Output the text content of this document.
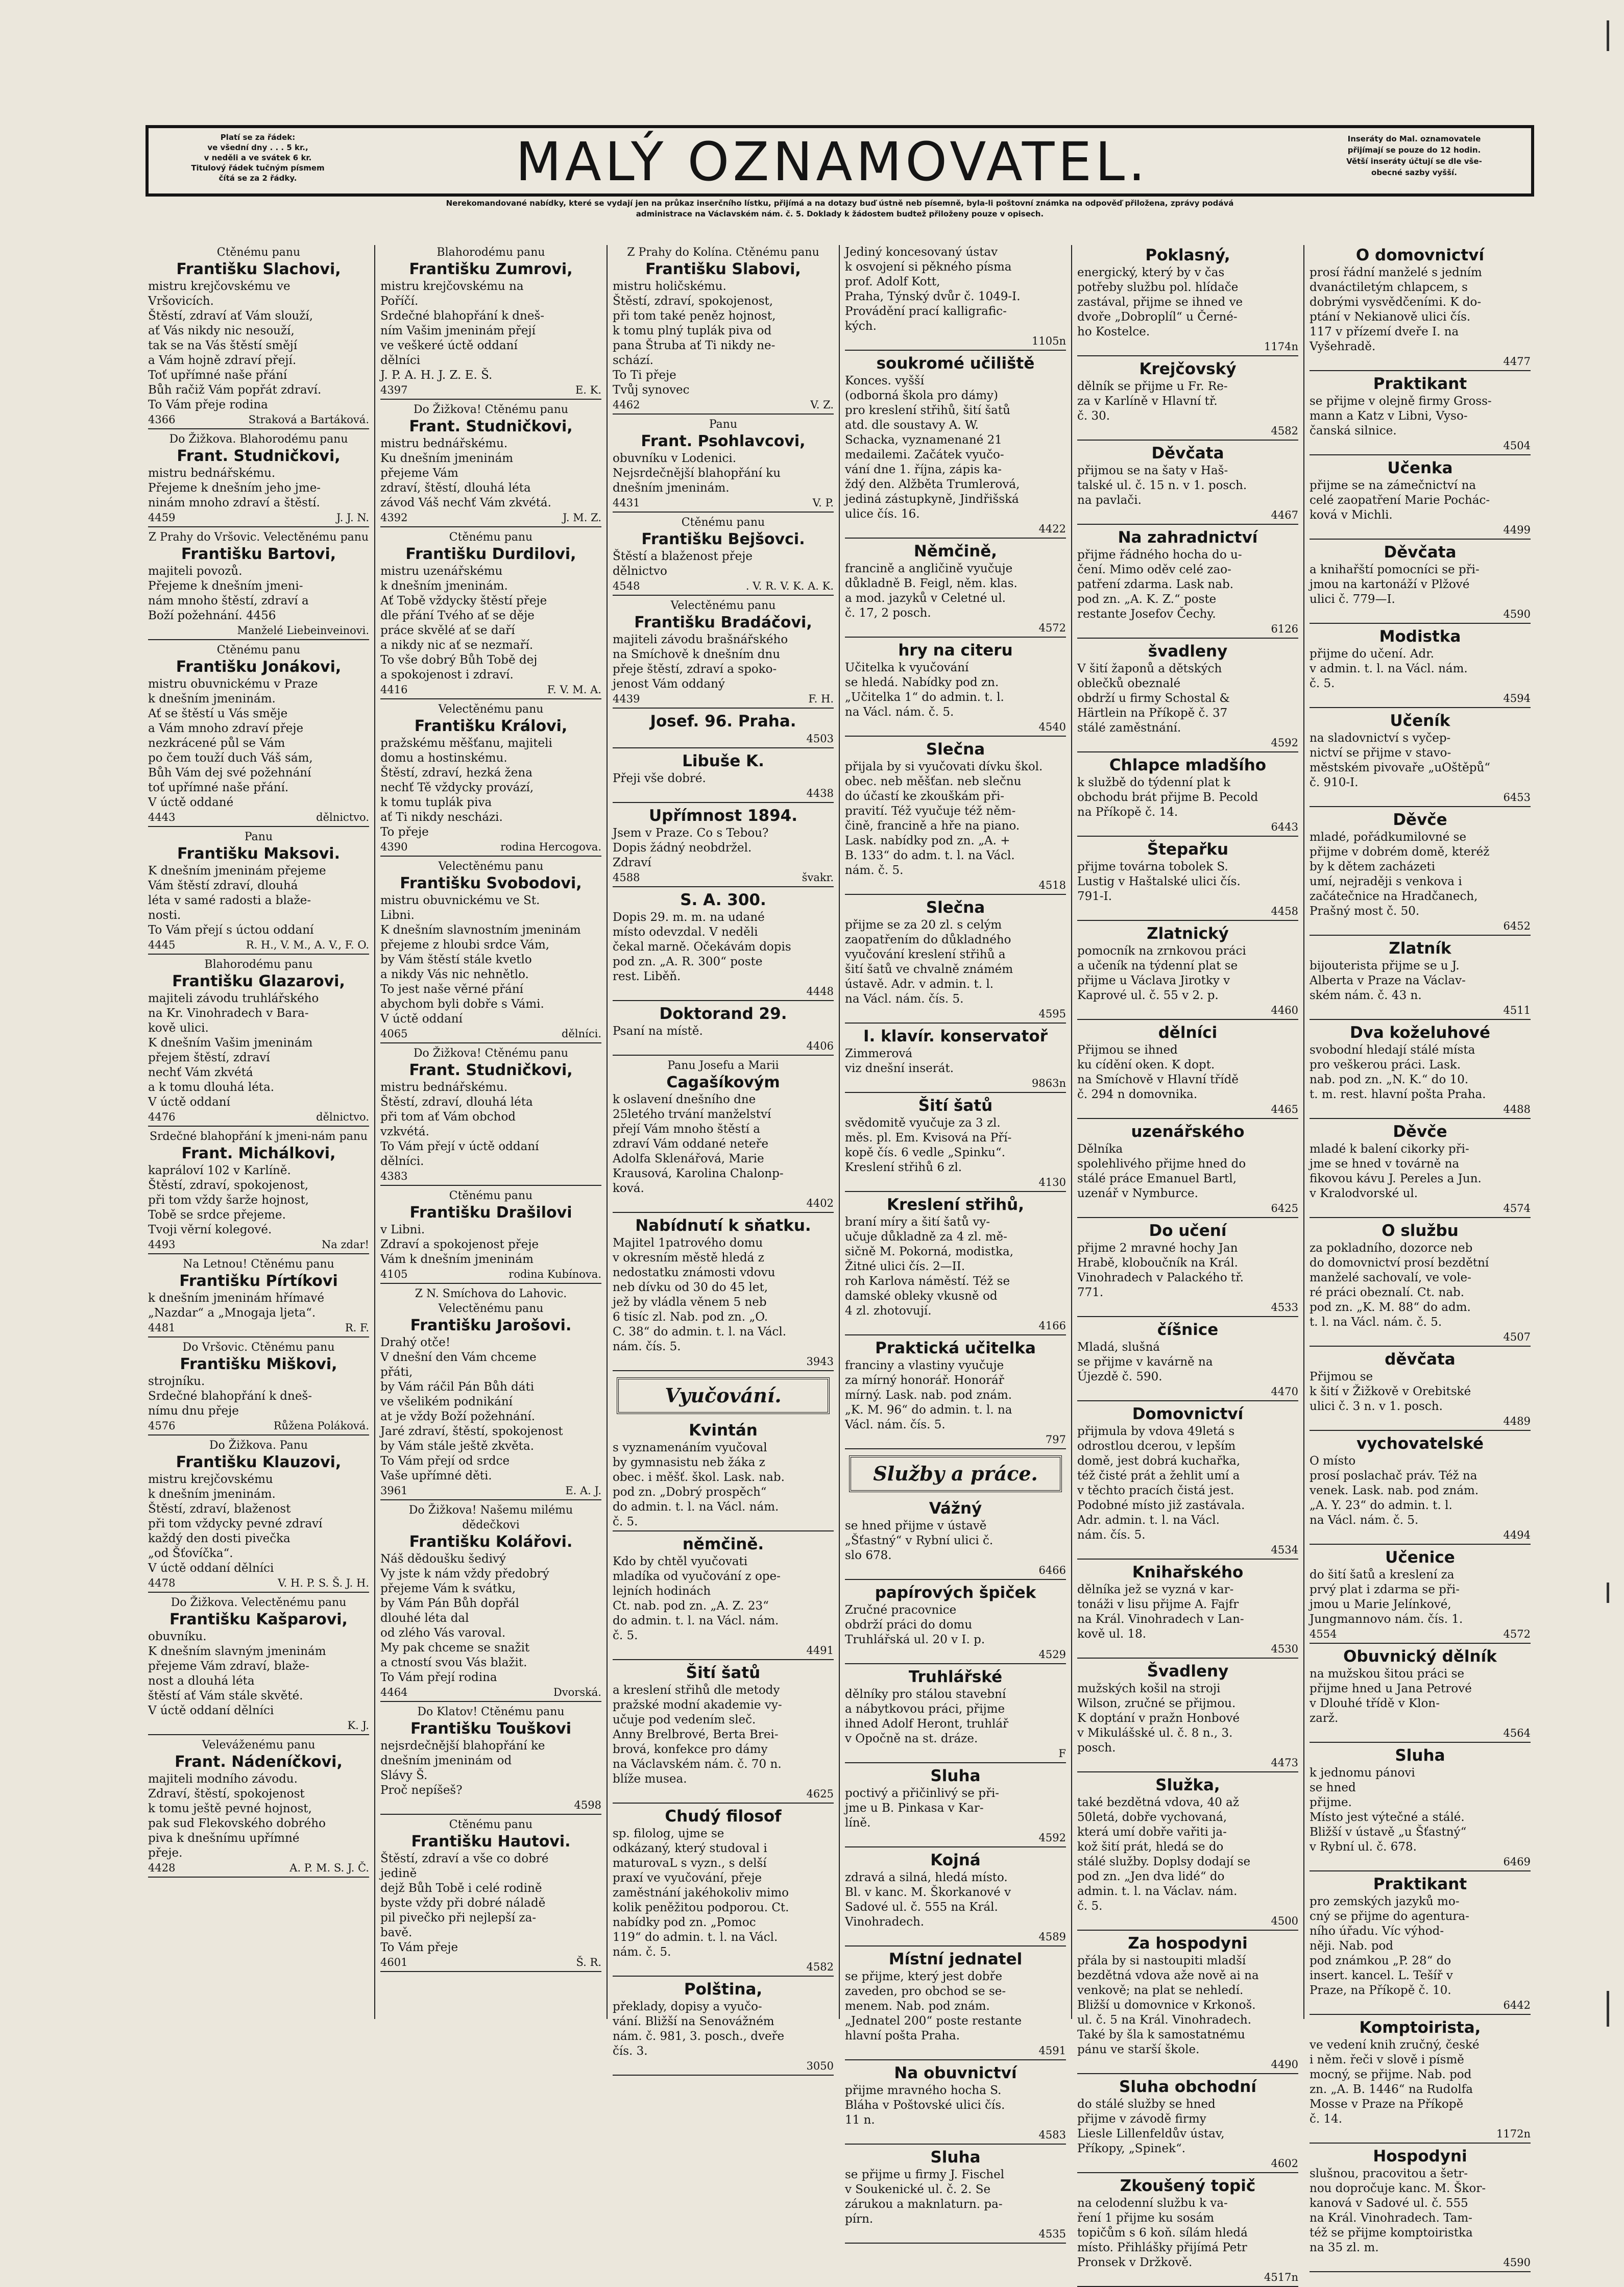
Platí se za řádek:
ve všední dny . . . 5 kr.,
v neděli a ve svátek 6 kr.
Titulový řádek tučným písmem
čítá se za 2 řádky.	MALÝ OZNAMOVATEL.	Inseráty do Mal. oznamovatele
přijímají se pouze do 12 hodin.
Větší inseráty účtují se dle vše-
obecné sazby vyšší.
Nerekomandované nabídky, které se vydají jen na průkaz inserčního lístku, přijímá a na dotazy buď ústně neb písemně, byla-li poštovní známka na odpověď přiložena, zprávy podává
administrace na Václavském nám. č. 5. Doklady k žádostem budtež přiloženy pouze v opisech.
Ctěnému panu
Františku Slachovi,
mistru krejčovskému ve
Vršovicích.
Štěstí, zdraví ať Vám slouží,
ať Vás nikdy nic nesouží,
tak se na Vás štěstí smějí
a Vám hojně zdraví přejí.
Toť upřímné naše přání
Bůh račiž Vám popřát zdraví.
To Vám přeje rodina
4366	Straková a Bartáková.
Do Žižkova. Blahorodému panu
Frant. Studničkovi,
mistru bednářskému.
Přejeme k dnešním jeho jme-
ninám mnoho zdraví a štěstí.
4459	J. J. N.
Z Prahy do Vršovic. Velectěnému panu
Františku Bartovi,
majiteli povozů.
Přejeme k dnešním jmeni-
nám mnoho štěstí, zdraví a
Boží požehnání. 4456
Manželé Liebeinveinovi.
Ctěnému panu
Františku Jonákovi,
mistru obuvnickému v Praze
k dnešním jmeninám.
Ať se štěstí u Vás směje
a Vám mnoho zdraví přeje
nezkrácené půl se Vám
po čem touží duch Váš sám,
Bůh Vám dej své požehnání
toť upřímné naše přání.
V úctě oddané
4443	dělnictvo.
Panu
Františku Maksovi.
K dnešním jmeninám přejeme
Vám štěstí zdraví, dlouhá
léta v samé radosti a blaže-
nosti.
To Vám přejí s úctou oddaní
4445	R. H., V. M., A. V., F. O.
Blahorodému panu
Františku Glazarovi,
majiteli závodu truhlářského
na Kr. Vinohradech v Bara-
kově ulici.
K dnešním Vašim jmeninám
přejem štěstí, zdraví
nechť Vám zkvétá
a k tomu dlouhá léta.
V úctě oddaní
4476	dělnictvo.
Srdečné blahopřání k jmeni-nám panu
Frant. Michálkovi,
kapráloví 102 v Karlíně.
Štěstí, zdraví, spokojenost,
při tom vždy šarže hojnost,
Tobě se srdce přejeme.
Tvoji věrní kolegové.
4493	Na zdar!
Na Letnou! Ctěnému panu
Františku Pírtíkovi
k dnešním jmeninám hřímavé
„Nazdar“ a „Mnogaja ljeta“.
4481	R. F.
Do Vršovic. Ctěnému panu
Františku Miškovi,
strojníku.
Srdečné blahopřání k dneš-
nímu dnu přeje
4576	Růžena Poláková.
Do Žižkova. Panu
Františku Klauzovi,
mistru krejčovskému
k dnešním jmeninám.
Štěstí, zdraví, blaženost
při tom vždycky pevné zdraví
každý den dosti pivečka
„od Šťovíčka“.
V úctě oddaní dělníci
4478	V. H. P. S. Š. J. H.
Do Žižkova. Velectěnému panu
Františku Kašparovi,
obuvníku.
K dnešním slavným jmeninám
přejeme Vám zdraví, blaže-
nost a dlouhá léta
štěstí ať Vám stále skvěté.
V úctě oddaní dělníci
K. J.
Veleváženému panu
Frant. Nádeníčkovi,
majiteli modního závodu.
Zdraví, štěstí, spokojenost
k tomu ještě pevné hojnost,
pak sud Flekovského dobrého
piva k dnešnímu upřímné
přeje.
4428	A. P. M. S. J. Č.
Blahorodému panu
Františku Zumrovi,
mistru krejčovskému na
Poříčí.
Srdečné blahopřání k dneš-
ním Vašim jmeninám přejí
ve veškeré úctě oddaní
dělníci
J. P. A. H. J. Z. E. Š.
4397	E. K.
Do Žižkova! Ctěnému panu
Frant. Studničkovi,
mistru bednářskému.
Ku dnešním jmeninám
přejeme Vám
zdraví, štěstí, dlouhá léta
závod Váš nechť Vám zkvétá.
4392	J. M. Z.
Ctěnému panu
Františku Durdilovi,
mistru uzenářskému
k dnešním jmeninám.
Ať Tobě vždycky štěstí přeje
dle přání Tvého ať se děje
práce skvělé ať se daří
a nikdy nic ať se nezmaří.
To vše dobrý Bůh Tobě dej
a spokojenost i zdraví.
4416	F. V. M. A.
Velectěnému panu
Františku Královi,
pražskému měšťanu, majiteli
domu a hostinskému.
Štěstí, zdraví, hezká žena
nechť Tě vždycky provází,
k tomu tuplák piva
ať Ti nikdy nescházi.
To přeje
4390	rodina Hercogova.
Velectěnému panu
Františku Svobodovi,
mistru obuvnickému ve St.
Libni.
K dnešním slavnostním jmeninám
přejeme z hloubi srdce Vám,
by Vám štěstí stále kvetlo
a nikdy Vás nic nehnětlo.
To jest naše věrné přání
abychom byli dobře s Vámi.
V úctě oddaní
4065	dělníci.
Do Žižkova! Ctěnému panu
Frant. Studničkovi,
mistru bednářskému.
Štěstí, zdraví, dlouhá léta
při tom ať Vám obchod
vzkvétá.
To Vám přejí v úctě oddaní
dělníci.
4383
Ctěnému panu
Františku Drašilovi
v Libni.
Zdraví a spokojenost přeje
Vám k dnešním jmeninám
4105	rodina Kubínova.
Z N. Smíchova do Lahovic. Velectěnému panu
Františku Jarošovi.
Drahý otče!
V dnešní den Vám chceme
přáti,
by Vám ráčil Pán Bůh dáti
ve všelikém podnikání
at je vždy Boží požehnání.
Jaré zdraví, štěstí, spokojenost
by Vám stále ještě zkvěta.
To Vám přejí od srdce
Vaše upřímné děti.
3961	E. A. J.
Do Žižkova! Našemu milému dědečkovi
Františku Kolářovi.
Náš dědoušku šedivý
Vy jste k nám vždy předobrý
přejeme Vám k svátku,
by Vám Pán Bůh dopřál
dlouhé léta dal
od zlého Vás varoval.
My pak chceme se snažit
a ctností svou Vás blažit.
To Vám přejí rodina
4464	Dvorská.
Do Klatov! Ctěnému panu
Františku Touškovi
nejsrdečnější blahopřání ke
dnešním jmeninám od
Slávy Š.
Proč nepíšeš?
4598
Ctěnému panu
Františku Hautovi.
Štěstí, zdraví a vše co dobré
jedině
dejž Bůh Tobě i celé rodině
byste vždy při dobré náladě
pil pivečko při nejlepší za-
bavě.
To Vám přeje
4601	Š. R.
Z Prahy do Kolína. Ctěnému panu
Františku Slabovi,
mistru holičskému.
Štěstí, zdraví, spokojenost,
při tom také peněz hojnost,
k tomu plný tuplák piva od
pana Štruba ať Ti nikdy ne-
schází.
To Ti přeje
Tvůj synovec
4462	V. Z.
Panu
Frant. Psohlavcovi,
obuvníku v Lodenici.
Nejsrdečnější blahopřání ku
dnešním jmeninám.
4431	V. P.
Ctěnému panu
Františku Bejšovci.
Štěstí a blaženost přeje
dělnictvo
4548	. V. R. V. K. A. K.
Velectěnému panu
Františku Bradáčovi,
majiteli závodu brašnářského
na Smíchově k dnešním dnu
přeje štěstí, zdraví a spoko-
jenost Vám oddaný
4439	F. H.
Josef. 96. Praha.
4503
Libuše K.
Přeji vše dobré.
4438
Upřímnost 1894.
Jsem v Praze. Co s Tebou?
Dopis žádný neobdržel.
Zdraví
4588	švakr.
S. A. 300.
Dopis 29. m. m. na udané
místo odevzdal. V neděli
čekal marně. Očekávám dopis
pod zn. „A. R. 300“ poste
rest. Liběň.
4448
Doktorand 29.
Psaní na místě.
4406
Panu Josefu a Marii
Cagašíkovým
k oslavení dnešního dne
25letého trvání manželství
přejí Vám mnoho štěstí a
zdraví Vám oddané neteře
Adolfa Sklenářová, Marie
Krausová, Karolina Chalonp-
ková.
4402
Nabídnutí k sňatku.
Majitel 1patrového domu
v okresním městě hledá z
nedostatku známosti vdovu
neb dívku od 30 do 45 let,
jež by vládla věnem 5 neb
6 tisíc zl. Nab. pod zn. „O.
C. 38“ do admin. t. l. na Václ.
nám. čís. 5.
3943
Vyučování.
Kvintán
s vyznamenáním vyučoval
by gymnasistu neb žáka z
obec. i měšť. škol. Lask. nab.
pod zn. „Dobrý prospěch“
do admin. t. l. na Václ. nám.
č. 5.
němčině.
Kdo by chtěl vyučovati
mladíka od vyučování z ope-
lejních hodinách
Ct. nab. pod zn. „A. Z. 23“
do admin. t. l. na Václ. nám.
č. 5.
4491
Šití šatů
a kreslení střihů dle metody
pražské modní akademie vy-
učuje pod vedením sleč.
Anny Brelbrové, Berta Brei-
brová, konfekce pro dámy
na Václavském nám. č. 70 n.
blíže musea.
4625
Chudý filosof
sp. filolog, ujme se
odkázaný, který studoval i
maturovaL s vyzn., s delší
praxí ve vyučování, přeje
zaměstnání jakéhokoliv mimo
kolik peněžitou podporou. Ct.
nabídky pod zn. „Pomoc
119“ do admin. t. l. na Václ.
nám. č. 5.
4582
Polština,
překlady, dopisy a vyučo-
vání. Bližší na Senovážném
nám. č. 981, 3. posch., dveře
čís. 3.
3050
Jediný koncesovaný ústav
k osvojení si pěkného písma
prof. Adolf Kott,
Praha, Týnský dvůr č. 1049-I.
Provádění prací kalligrafic-
kých.
1105n
soukromé učiliště
Konces. vyšší
(odborná škola pro dámy)
pro kreslení střihů, šití šatů
atd. dle soustavy A. W.
Schacka, vyznamenané 21
medailemi. Začátek vyučo-
vání dne 1. října, zápis ka-
ždý den. Alžběta Trumlerová,
jediná zástupkyně, Jindřišská
ulice čís. 16.
4422
Němčině,
francině a angličině vyučuje
důkladně B. Feigl, něm. klas.
a mod. jazyků v Celetné ul.
č. 17, 2 posch.
4572
hry na citeru
Učitelka k vyučování
se hledá. Nabídky pod zn.
„Učitelka 1“ do admin. t. l.
na Václ. nám. č. 5.
4540
Slečna
přijala by si vyučovati dívku škol.
obec. neb měšťan. neb slečnu
do účastí ke zkouškám při-
pravití. Též vyučuje též něm-
čině, francině a hře na piano.
Lask. nabídky pod zn. „A. +
B. 133“ do adm. t. l. na Václ.
nám. č. 5.
4518
Slečna
přijme se za 20 zl. s celým
zaopatřením do důkladného
vyučování kreslení střihů a
šití šatů ve chvalně známém
ústavě. Adr. v admin. t. l.
na Václ. nám. čís. 5.
4595
I. klavír. konservatoř
Zimmerová
viz dnešní inserát.
9863n
Šití šatů
svědomitě vyučuje za 3 zl.
měs. pl. Em. Kvisová na Pří-
kopě čís. 6 vedle „Spinku“.
Kreslení střihů 6 zl.
4130
Kreslení střihů,
braní míry a šití šatů vy-
učuje důkladně za 4 zl. mě-
sičně M. Pokorná, modistka,
Žitné ulici čís. 2—II.
roh Karlova náměstí. Též se
damské obleky vkusně od
4 zl. zhotovují.
4166
Praktická učitelka
franciny a vlastiny vyučuje
za mírný honorář. Honorář
mírný. Lask. nab. pod znám.
„K. M. 96“ do admin. t. l. na
Václ. nám. čís. 5.
797
Služby a práce.
Vážný
se hned přijme v ústavě
„Šťastný“ v Rybní ulici č.
slo 678.
6466
papírových špiček
Zručné pracovnice
obdrží práci do domu
Truhlářská ul. 20 v I. p.
4529
Truhlářské
dělníky pro stálou stavební
a nábytkovou práci, přijme
ihned Adolf Heront, truhlář
v Opočně na st. dráze.
F
Sluha
poctivý a přičinlivý se při-
jme u B. Pinkasa v Kar-
líně.
4592
Kojná
zdravá a silná, hledá místo.
Bl. v kanc. M. Škorkanové v
Sadové ul. č. 555 na Král.
Vinohradech.
4589
Místní jednatel
se přijme, který jest dobře
zaveden, pro obchod se se-
menem. Nab. pod znám.
„Jednatel 200“ poste restante
hlavní pošta Praha.
4591
Na obuvnictví
přijme mravného hocha S.
Bláha v Poštovské ulici čís.
11 n.
4583
Sluha
se přijme u firmy J. Fischel
v Soukenické ul. č. 2. Se
zárukou a maknlaturn. pa-
pírn.
4535
Poklasný,
energický, který by v čas
potřeby službu pol. hlídače
zastával, přijme se ihned ve
dvoře „Dobroplíl“ u Černé-
ho Kostelce.
1174n
Krejčovský
dělník se přijme u Fr. Re-
za v Karlíně v Hlavní tř.
č. 30.
4582
Děvčata
přijmou se na šaty v Haš-
talské ul. č. 15 n. v 1. posch.
na pavlači.
4467
Na zahradnictví
přijme řádného hocha do u-
čení. Mimo oděv celé zao-
patření zdarma. Lask nab.
pod zn. „A. K. Z.“ poste
restante Josefov Čechy.
6126
švadleny
V šití žaponů a dětských
oblečků obeznalé
obdrží u firmy Schostal &
Härtlein na Příkopě č. 37
stálé zaměstnání.
4592
Chlapce mladšího
k službě do týdenní plat k
obchodu brát přijme B. Pecold
na Příkopě č. 14.
6443
Štepařku
přijme továrna tobolek S.
Lustig v Haštalské ulici čís.
791-I.
4458
Zlatnický
pomocník na zrnkovou práci
a učeník na týdenní plat se
přijme u Václava Jirotky v
Kaprové ul. č. 55 v 2. p.
4460
dělníci
Přijmou se ihned
ku cídění oken. K dopt.
na Smíchově v Hlavní třídě
č. 294 n domovnika.
4465
uzenářského
Dělníka
spolehlivého přijme hned do
stálé práce Emanuel Bartl,
uzenář v Nymburce.
6425
Do učení
přijme 2 mravné hochy Jan
Hrabě, kloboučník na Král.
Vinohradech v Palackého tř.
771.
4533
číšnice
Mladá, slušná
se přijme v kavárně na
Újezdě č. 590.
4470
Domovnictví
přijmula by vdova 49letá s
odrostlou dcerou, v lepším
domě, jest dobrá kuchařka,
též čisté prát a žehlit umí a
v těchto pracích čistá jest.
Podobné místo již zastávala.
Adr. admin. t. l. na Václ.
nám. čís. 5.
4534
Knihařského
dělníka jež se vyzná v kar-
tonáži v lisu přijme A. Fajfr
na Král. Vinohradech v Lan-
kově ul. 18.
4530
Švadleny
mužských košil na stroji
Wilson, zručné se přijmou.
K doptání v pražn Honbové
v Mikulášské ul. č. 8 n., 3.
posch.
4473
Služka,
také bezdětná vdova, 40 až
50letá, dobře vychovaná,
která umí dobře vařiti ja-
kož šití prát, hledá se do
stálé služby. Doplsy dodají se
pod zn. „Jen dva lidé“ do
admin. t. l. na Václav. nám.
č. 5.
4500
Za hospodyni
přála by si nastoupiti mladší
bezdětná vdova aže nově ai na
venkově; na plat se nehledí.
Bližší u domovnice v Krkonoš.
ul. č. 5 na Král. Vinohradech.
Také by šla k samostatnému
pánu ve starší škole.
4490
Sluha obchodní
do stálé služby se hned
přijme v závodě firmy
Liesle Lillenfeldův ústav,
Příkopy, „Spinek“.
4602
Zkoušený topič
na celodenní službu k va-
ření 1 přijme ku sosám
topičům s 6 koň. sílám hledá
místo. Přihlášky přijímá Petr
Pronsek v Držkově.
4517n
O domovnictví
prosí řádní manželé s jedním
dvanáctiletým chlapcem, s
dobrými vysvědčeními. K do-
ptání v Nekianově ulici čís.
117 v přízemí dveře I. na
Vyšehradě.
4477
Praktikant
se přijme v olejně firmy Gross-
mann a Katz v Libni, Vyso-
čanská silnice.
4504
Učenka
přijme se na zámečnictví na
celé zaopatření Marie Pochác-
ková v Michli.
4499
Děvčata
a knihařští pomocníci se při-
jmou na kartonáží v Plžové
ulici č. 779—I.
4590
Modistka
přijme do učení. Adr.
v admin. t. l. na Václ. nám.
č. 5.
4594
Učeník
na sladovnictví s vyčep-
nictví se přijme v stavo-
městském pivovaře „uOštěpů“
č. 910-I.
6453
Děvče
mladé, pořádkumilovné se
přijme v dobrém domě, kteréž
by k dětem zacházeti
umí, nejraději s venkova i
začátečnice na Hradčanech,
Prašný most č. 50.
6452
Zlatník
bijouterista přijme se u J.
Alberta v Praze na Václav-
ském nám. č. 43 n.
4511
Dva koželuhové
svobodní hledají stálé místa
pro veškerou práci. Lask.
nab. pod zn. „N. K.“ do 10.
t. m. rest. hlavní pošta Praha.
4488
Děvče
mladé k balení cikorky při-
jme se hned v továrně na
fikovou kávu J. Pereles a Jun.
v Kralodvorské ul.
4574
O službu
za pokladního, dozorce neb
do domovnictví prosí bezdětní
manželé sachovalí, ve vole-
ré práci obeznalí. Ct. nab.
pod zn. „K. M. 88“ do adm.
t. l. na Václ. nám. č. 5.
4507
děvčata
Přijmou se
k šití v Žižkově v Orebitské
ulici č. 3 n. v 1. posch.
4489
vychovatelské
O místo
prosí poslachač práv. Též na
venek. Lask. nab. pod znám.
„A. Y. 23“ do admin. t. l.
na Václ. nám. č. 5.
4494
Učenice
do šití šatů a kreslení za
prvý plat i zdarma se při-
jmou u Marie Jelínkové,
Jungmannovo nám. čís. 1.
4554	4572
Obuvnický dělník
na mužskou šitou práci se
přijme hned u Jana Petrové
v Dlouhé třídě v Klon-
zarž.
4564
Sluha
k jednomu pánovi
se hned
přijme.
Místo jest výtečné a stálé.
Bližší v ústavě „u Šťastný“
v Rybní ul. č. 678.
6469
Praktikant
pro zemských jazyků mo-
cný se přijme do agentura-
ního úřadu. Víc výhod-
něji. Nab. pod
pod známkou „P. 28“ do
insert. kancel. L. Tešíř v
Praze, na Příkopě č. 10.
6442
Komptoirista,
ve vedení knih zručný, české
i něm. řeči v slově i písmě
mocný, se přijme. Nab. pod
zn. „A. B. 1446“ na Rudolfa
Mosse v Praze na Příkopě
č. 14.
1172n
Hospodyni
slušnou, pracovitou a šetr-
nou dopročuje kanc. M. Škor-
kanová v Sadové ul. č. 555
na Král. Vinohradech. Tam-
též se přijme komptoiristka
na 35 zl. m.
4590
